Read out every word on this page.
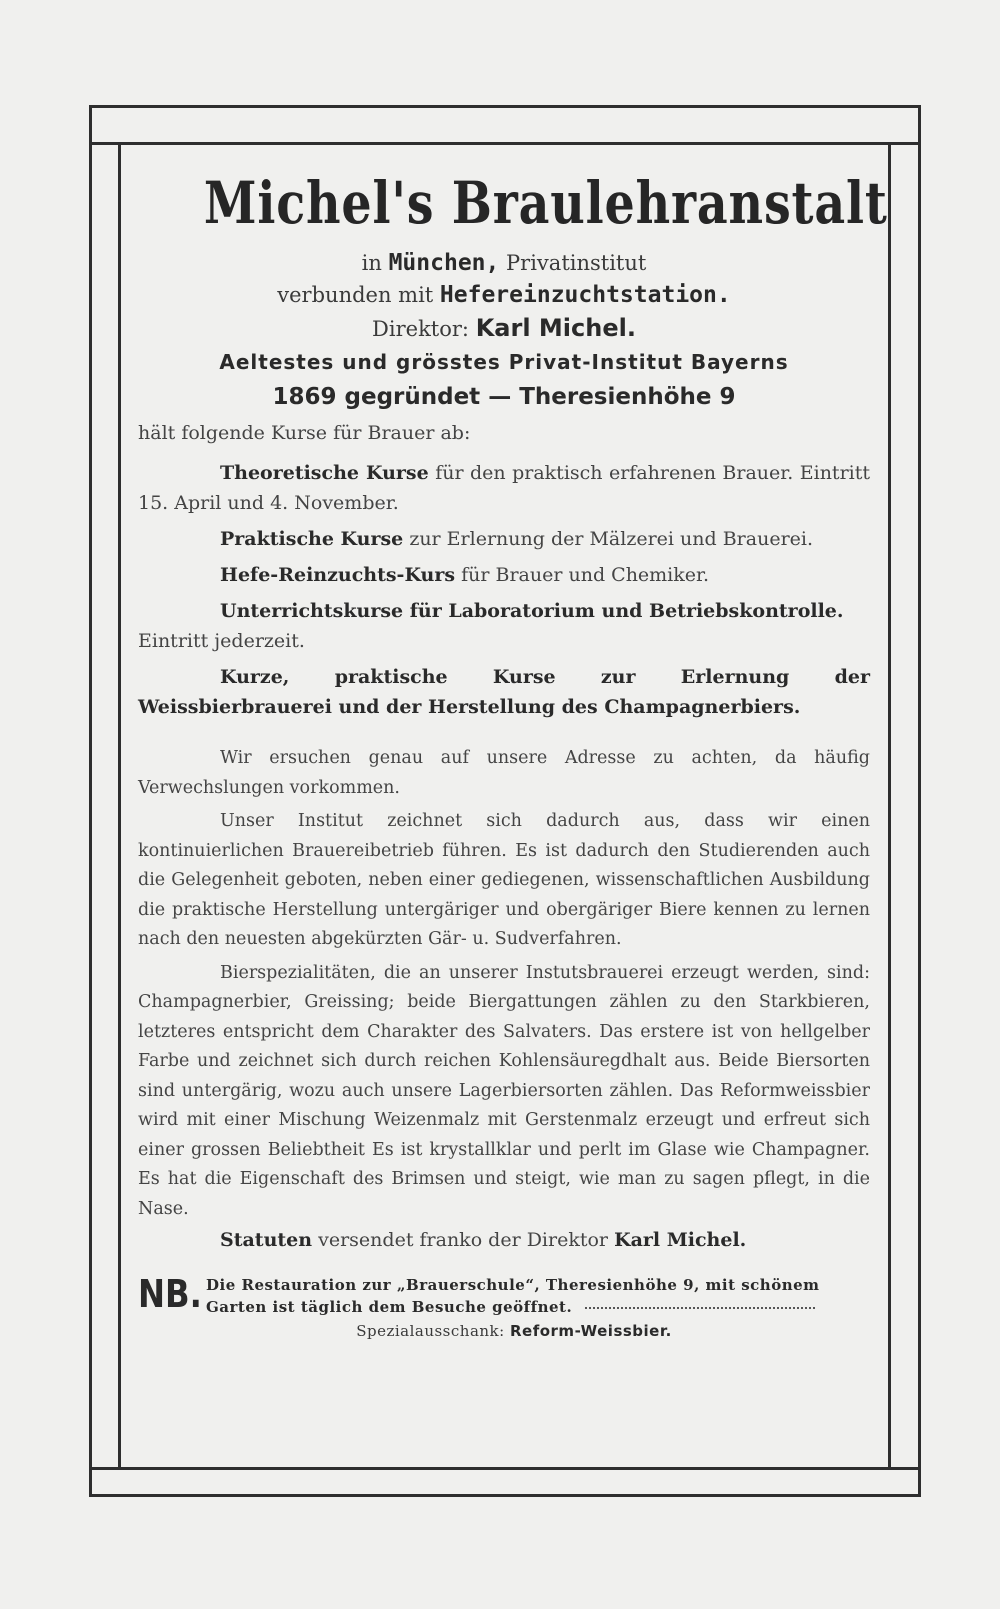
Michel's Braulehranstalt
in München, Privatinstitut
verbunden mit Hefereinzuchtstation.
Direktor: Karl Michel.
Aeltestes und grösstes Privat-Institut Bayerns
1869 gegründet — Theresienhöhe 9
hält folgende Kurse für Brauer ab:
Theoretische Kurse für den praktisch erfahrenen Brauer. Eintritt 15. April und 4. November.
Praktische Kurse zur Erlernung der Mälzerei und Brauerei.
Hefe-Reinzuchts-Kurs für Brauer und Chemiker.
Unterrichtskurse für Laboratorium und Betriebskontrolle.
Eintritt jederzeit.
Kurze, praktische Kurse zur Erlernung der Weissbierbrauerei und der Herstellung des Champagnerbiers.
Wir ersuchen genau auf unsere Adresse zu achten, da häufig Verwechslungen vorkommen.
Unser Institut zeichnet sich dadurch aus, dass wir einen kontinuierlichen Brauereibetrieb führen. Es ist dadurch den Studierenden auch die Gelegenheit geboten, neben einer gediegenen, wissenschaftlichen Ausbildung die praktische Herstellung untergäriger und obergäriger Biere kennen zu lernen nach den neuesten abgekürzten Gär- u. Sudverfahren.
Bierspezialitäten, die an unserer Instutsbrauerei erzeugt werden, sind: Champagnerbier, Greissing; beide Biergattungen zählen zu den Starkbieren, letzteres entspricht dem Charakter des Salvaters. Das erstere ist von hellgelber Farbe und zeichnet sich durch reichen Kohlensäuregdhalt aus. Beide Biersorten sind untergärig, wozu auch unsere Lagerbiersorten zählen. Das Reformweissbier wird mit einer Mischung Weizenmalz mit Gerstenmalz erzeugt und erfreut sich einer grossen Beliebtheit Es ist krystallklar und perlt im Glase wie Champagner. Es hat die Eigenschaft des Brimsen und steigt, wie man zu sagen pflegt, in die Nase.
Statuten versendet franko der Direktor Karl Michel.
NB. Die Restauration zur „Brauerschule“, Theresienhöhe 9, mit schönem Garten ist täglich dem Besuche geöffnet.
Spezialausschank: Reform-Weissbier.
